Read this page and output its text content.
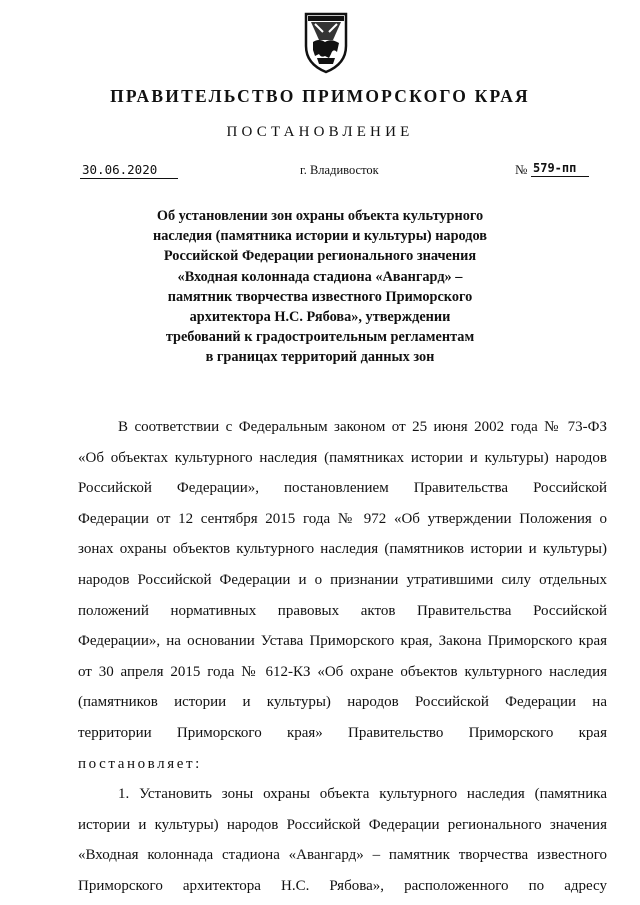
ПРАВИТЕЛЬСТВО ПРИМОРСКОГО КРАЯ
ПОСТАНОВЛЕНИЕ
30.06.2020	г. Владивосток	№ 579-пп
Об установлении зон охраны объекта культурного
наследия (памятника истории и культуры) народов
Российской Федерации регионального значения
«Входная колоннада стадиона «Авангард» –
памятник творчества известного Приморского
архитектора Н.С. Рябова», утверждении
требований к градостроительным регламентам
в границах территорий данных зон
В соответствии с Федеральным законом от 25 июня 2002 года № 73-ФЗ
«Об объектах культурного наследия (памятниках истории и культуры) народов
Российской Федерации», постановлением Правительства Российской
Федерации от 12 сентября 2015 года № 972 «Об утверждении Положения о
зонах охраны объектов культурного наследия (памятников истории и культуры)
народов Российской Федерации и о признании утратившими силу отдельных
положений нормативных правовых актов Правительства Российской
Федерации», на основании Устава Приморского края, Закона Приморского края
от 30 апреля 2015 года № 612-КЗ «Об охране объектов культурного наследия
(памятников истории и культуры) народов Российской Федерации на
территории Приморского края» Правительство Приморского края
постановляет:
1. Установить зоны охраны объекта культурного наследия (памятника
истории и культуры) народов Российской Федерации регионального значения
«Входная колоннада стадиона «Авангард» – памятник творчества известного
Приморского архитектора Н.С. Рябова», расположенного по адресу
